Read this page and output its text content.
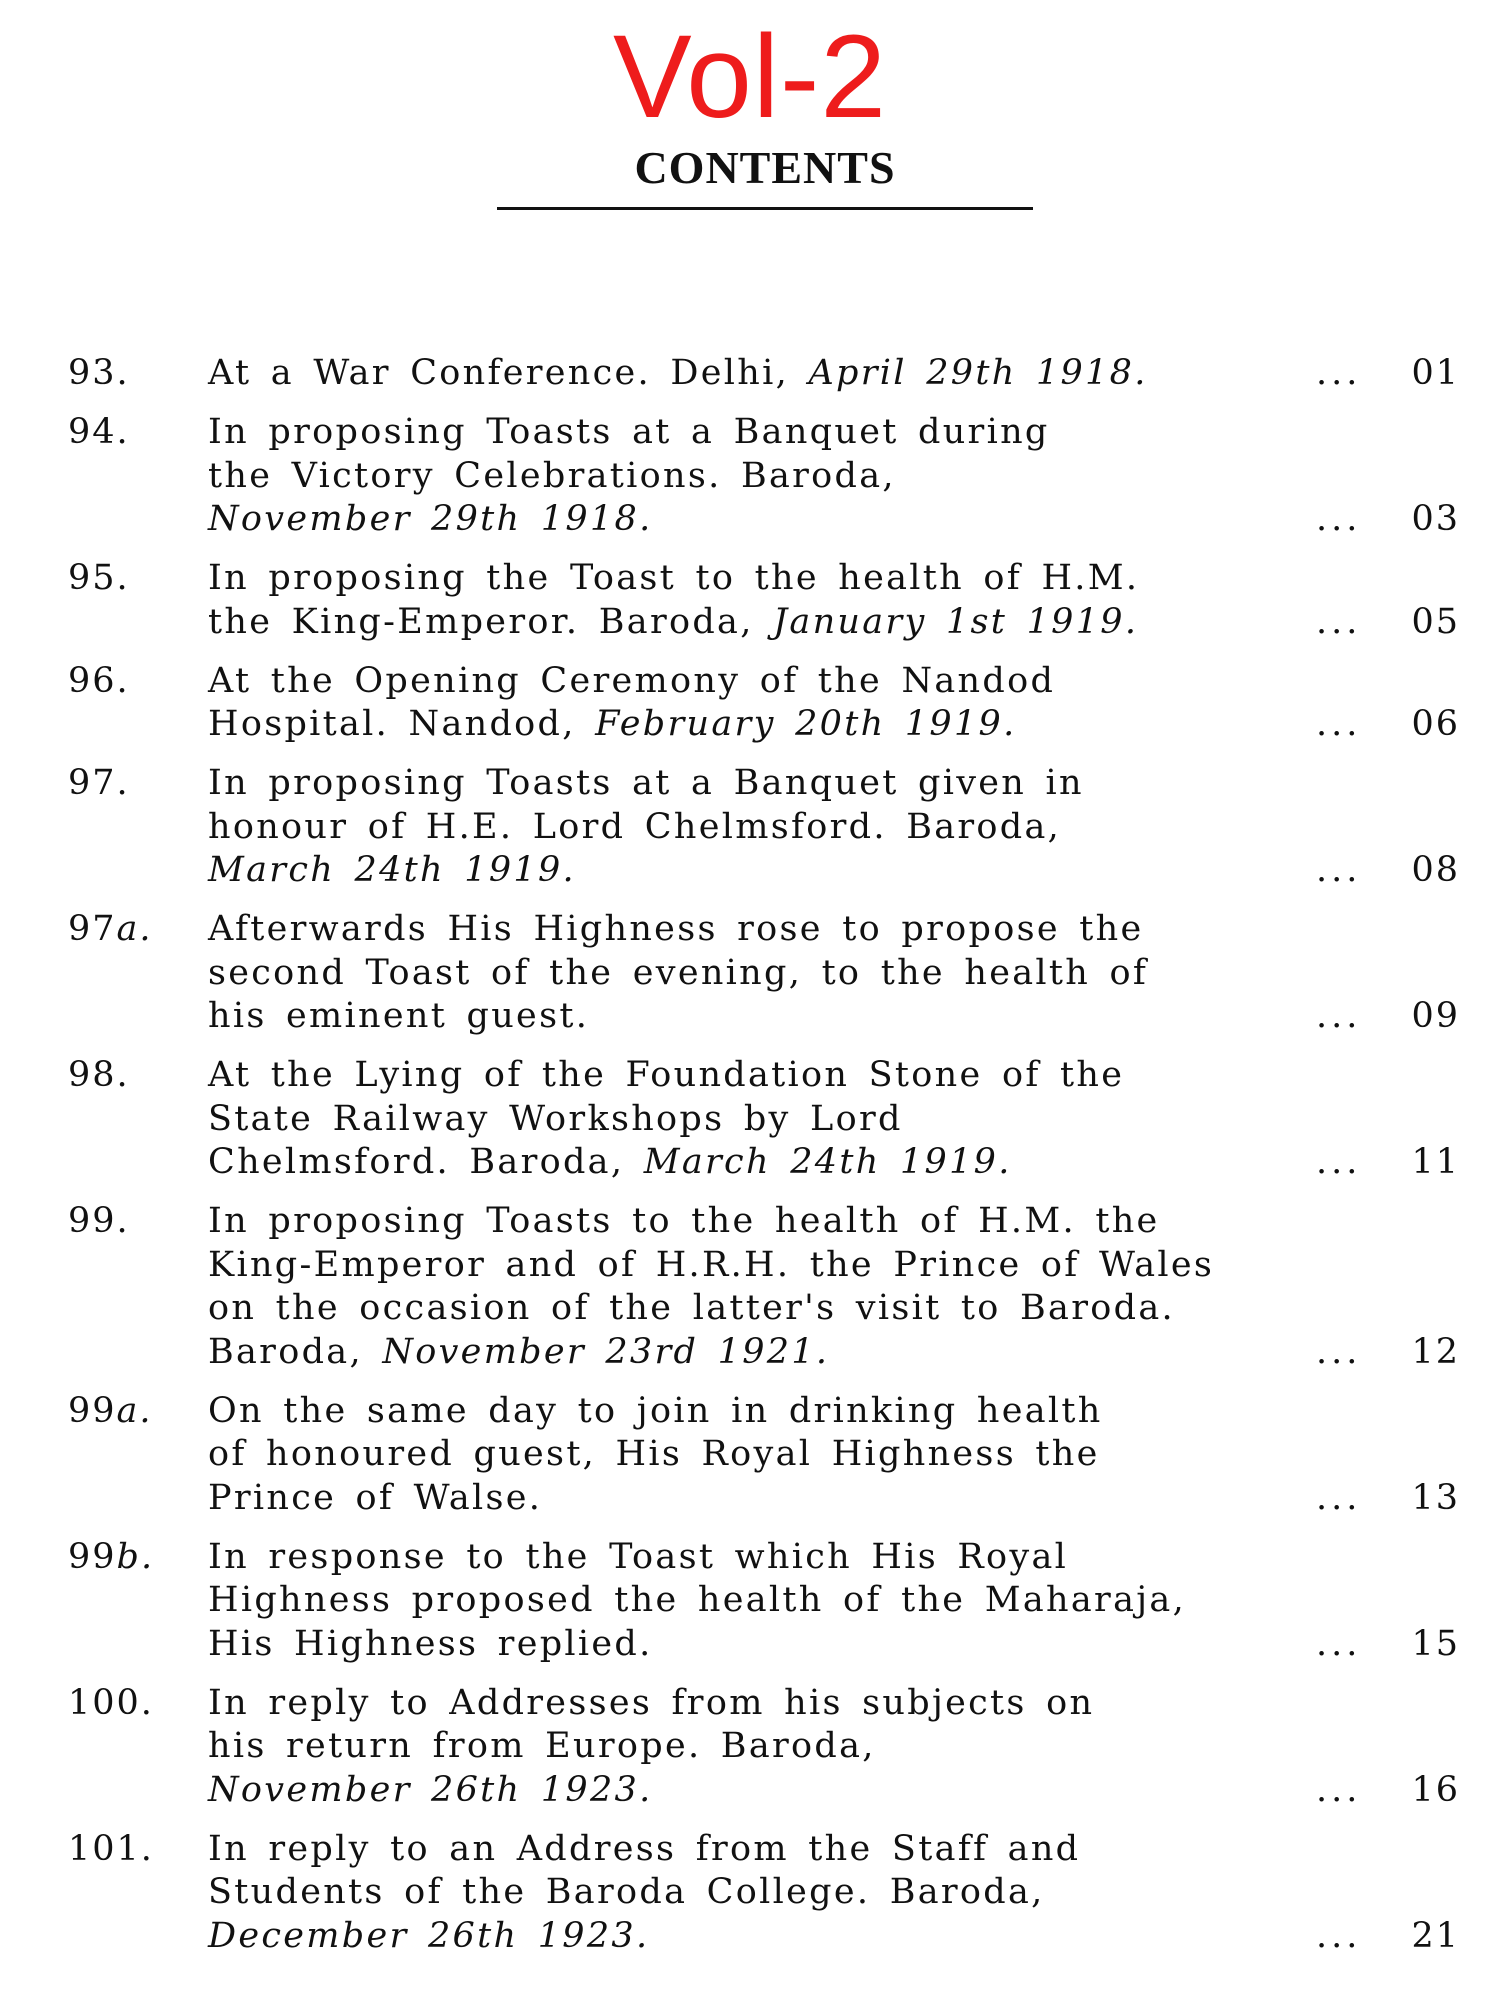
Vol-2
CONTENTS
93. At a War Conference. Delhi, April 29th 1918.	...	01
94. In proposing Toasts at a Banquet during
the Victory Celebrations. Baroda,
November 29th 1918.	...	03
95. In proposing the Toast to the health of H.M.
the King-Emperor. Baroda, January 1st 1919.	...	05
96. At the Opening Ceremony of the Nandod
Hospital. Nandod, February 20th 1919.	...	06
97. In proposing Toasts at a Banquet given in
honour of H.E. Lord Chelmsford. Baroda,
March 24th 1919.	...	08
97a. Afterwards His Highness rose to propose the
second Toast of the evening, to the health of
his eminent guest.	...	09
98. At the Lying of the Foundation Stone of the
State Railway Workshops by Lord
Chelmsford. Baroda, March 24th 1919.	...	11
99. In proposing Toasts to the health of H.M. the
King-Emperor and of H.R.H. the Prince of Wales
on the occasion of the latter's visit to Baroda.
Baroda, November 23rd 1921.	...	12
99a. On the same day to join in drinking health
of honoured guest, His Royal Highness the
Prince of Walse.	...	13
99b. In response to the Toast which His Royal
Highness proposed the health of the Maharaja,
His Highness replied.	...	15
100. In reply to Addresses from his subjects on
his return from Europe. Baroda,
November 26th 1923.	...	16
101. In reply to an Address from the Staff and
Students of the Baroda College. Baroda,
December 26th 1923.	...	21
